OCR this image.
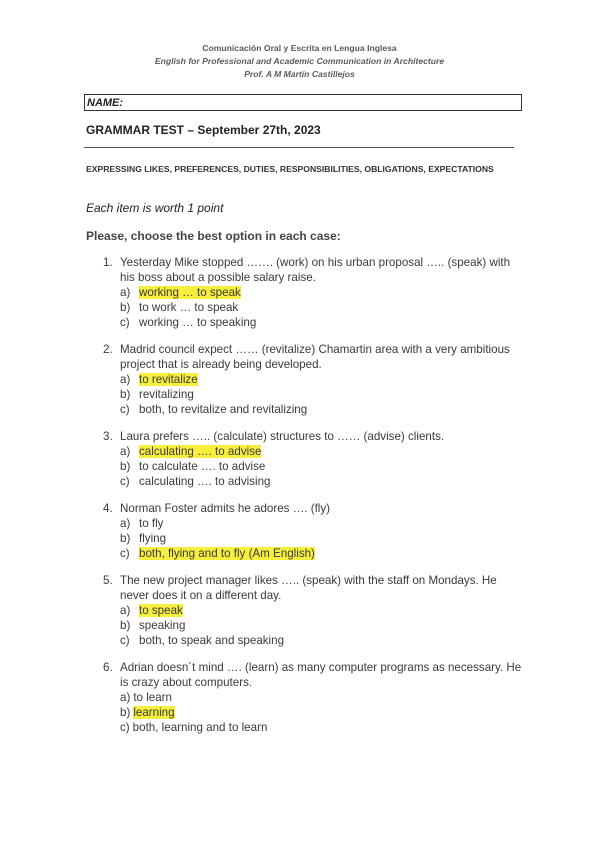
Comunicación Oral y Escrita en Lengua Inglesa
English for Professional and Academic Communication in Architecture
Prof. A M Martín Castillejos
NAME:
GRAMMAR TEST – September 27th, 2023
EXPRESSING LIKES, PREFERENCES, DUTIES, RESPONSIBILITIES, OBLIGATIONS, EXPECTATIONS
Each item is worth 1 point
Please, choose the best option in each case:
1. Yesterday Mike stopped ……. (work) on his urban proposal ….. (speak) with his boss about a possible salary raise.
a) working … to speak
b) to work … to speak
c) working … to speaking
2. Madrid council expect …… (revitalize) Chamartin area with a very ambitious project that is already being developed.
a) to revitalize
b) revitalizing
c) both, to revitalize and revitalizing
3. Laura prefers ….. (calculate) structures to …… (advise) clients.
a) calculating …. to advise
b) to calculate …. to advise
c) calculating …. to advising
4. Norman Foster admits he adores …. (fly)
a) to fly
b) flying
c) both, flying and to fly (Am English)
5. The new project manager likes ….. (speak) with the staff on Mondays. He never does it on a different day.
a) to speak
b) speaking
c) both, to speak and speaking
6. Adrian doesn´t mind …. (learn) as many computer programs as necessary. He is crazy about computers.
a) to learn
b) learning
c) both, learning and to learn
